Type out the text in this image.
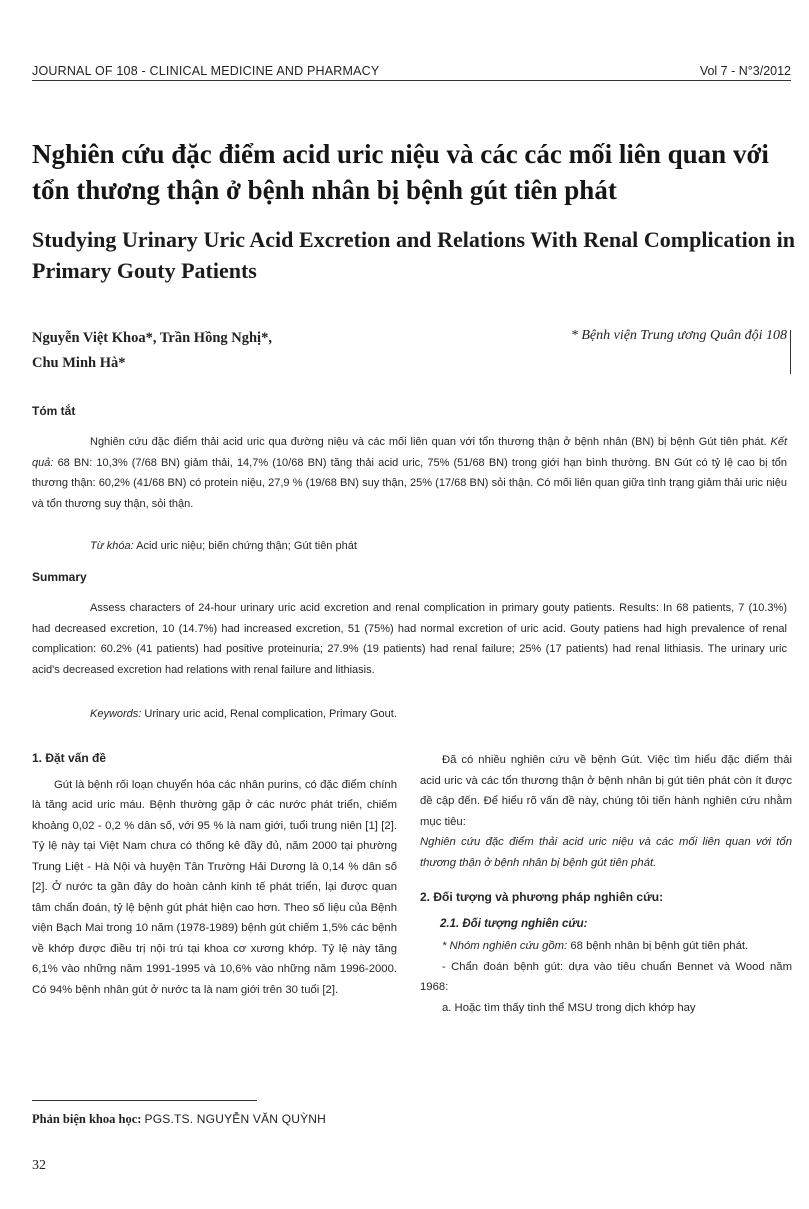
JOURNAL OF 108 - CLINICAL MEDICINE AND PHARMACY	Vol 7 - N°3/2012
Nghiên cứu đặc điểm acid uric niệu và các các mối liên quan với tổn thương thận ở bệnh nhân bị bệnh gút tiên phát
Studying Urinary Uric Acid Excretion and Relations With Renal Complication in Primary Gouty Patients
Nguyễn Việt Khoa*, Trần Hồng Nghị*,
Chu Minh Hà*
* Bệnh viện Trung ương Quân đội 108
Tóm tắt

Nghiên cứu đặc điểm thải acid uric qua đường niệu và các mối liên quan với tổn thương thận ở bệnh nhân (BN) bị bệnh Gút tiên phát. Kết quả: 68 BN: 10,3% (7/68 BN) giảm thải, 14,7% (10/68 BN) tăng thải acid uric, 75% (51/68 BN) trong giới hạn bình thường. BN Gút có tỷ lệ cao bị tổn thương thận: 60,2% (41/68 BN) có protein niệu, 27,9 % (19/68 BN) suy thận, 25% (17/68 BN) sỏi thận. Có mối liên quan giữa tình trạng giảm thải uric niệu và tổn thương suy thận, sỏi thận.

Từ khóa: Acid uric niệu; biến chứng thận; Gút tiên phát
Summary

Assess characters of 24-hour urinary uric acid excretion and renal complication in primary gouty patients. Results: In 68 patients, 7 (10.3%) had decreased excretion, 10 (14.7%) had increased excretion, 51 (75%) had normal excretion of uric acid. Gouty patiens had high prevalence of renal complication: 60.2% (41 patients) had positive proteinuria; 27.9% (19 patients) had renal failure; 25% (17 patients) had renal lithiasis. The urinary uric acid's decreased excretion had relations with renal failure and lithiasis.

Keywords: Urinary uric acid, Renal complication, Primary Gout.
1. Đặt vấn đề

Gút là bệnh rối loạn chuyển hóa các nhân purins, có đặc điểm chính là tăng acid uric máu. Bệnh thường gặp ở các nước phát triển, chiếm khoảng 0,02 - 0,2 % dân số, với 95 % là nam giới, tuổi trung niên [1] [2]. Tỷ lệ này tại Việt Nam chưa có thống kê đầy đủ, năm 2000 tại phường Trung Liệt - Hà Nội và huyện Tân Trường Hải Dương là 0,14 % dân số [2]. Ở nước ta gần đây do hoàn cảnh kinh tế phát triển, lại được quan tâm chẩn đoán, tỷ lệ bệnh gút phát hiện cao hơn. Theo số liệu của Bệnh viện Bạch Mai trong 10 năm (1978-1989) bệnh gút chiếm 1,5% các bệnh về khớp được điều trị nội trú tại khoa cơ xương khớp. Tỷ lệ này tăng 6,1% vào những năm 1991-1995 và 10,6% vào những năm 1996-2000. Có 94% bệnh nhân gút ở nước ta là nam giới trên 30 tuổi [2].

Đã có nhiều nghiên cứu về bệnh Gút. Việc tìm hiểu đặc điểm thải acid uric và các tổn thương thận ở bệnh nhân bị gút tiên phát còn ít được đề cập đến. Để hiểu rõ vấn đề này, chúng tôi tiến hành nghiên cứu nhằm mục tiêu:

Nghiên cứu đặc điểm thải acid uric niệu và các mối liên quan với tổn thương thận ở bệnh nhân bị bệnh gút tiên phát.

2. Đối tượng và phương pháp nghiên cứu:
2.1. Đối tượng nghiên cứu:

* Nhóm nghiên cứu gồm: 68 bệnh nhân bị bệnh gút tiên phát.

- Chẩn đoán bệnh gút: dựa vào tiêu chuẩn Bennet và Wood năm 1968:

a. Hoặc tìm thấy tinh thể MSU trong dịch khớp hay

Phản biện khoa học: PGS.TS. NGUYỄN VĂN QUỲNH
32
